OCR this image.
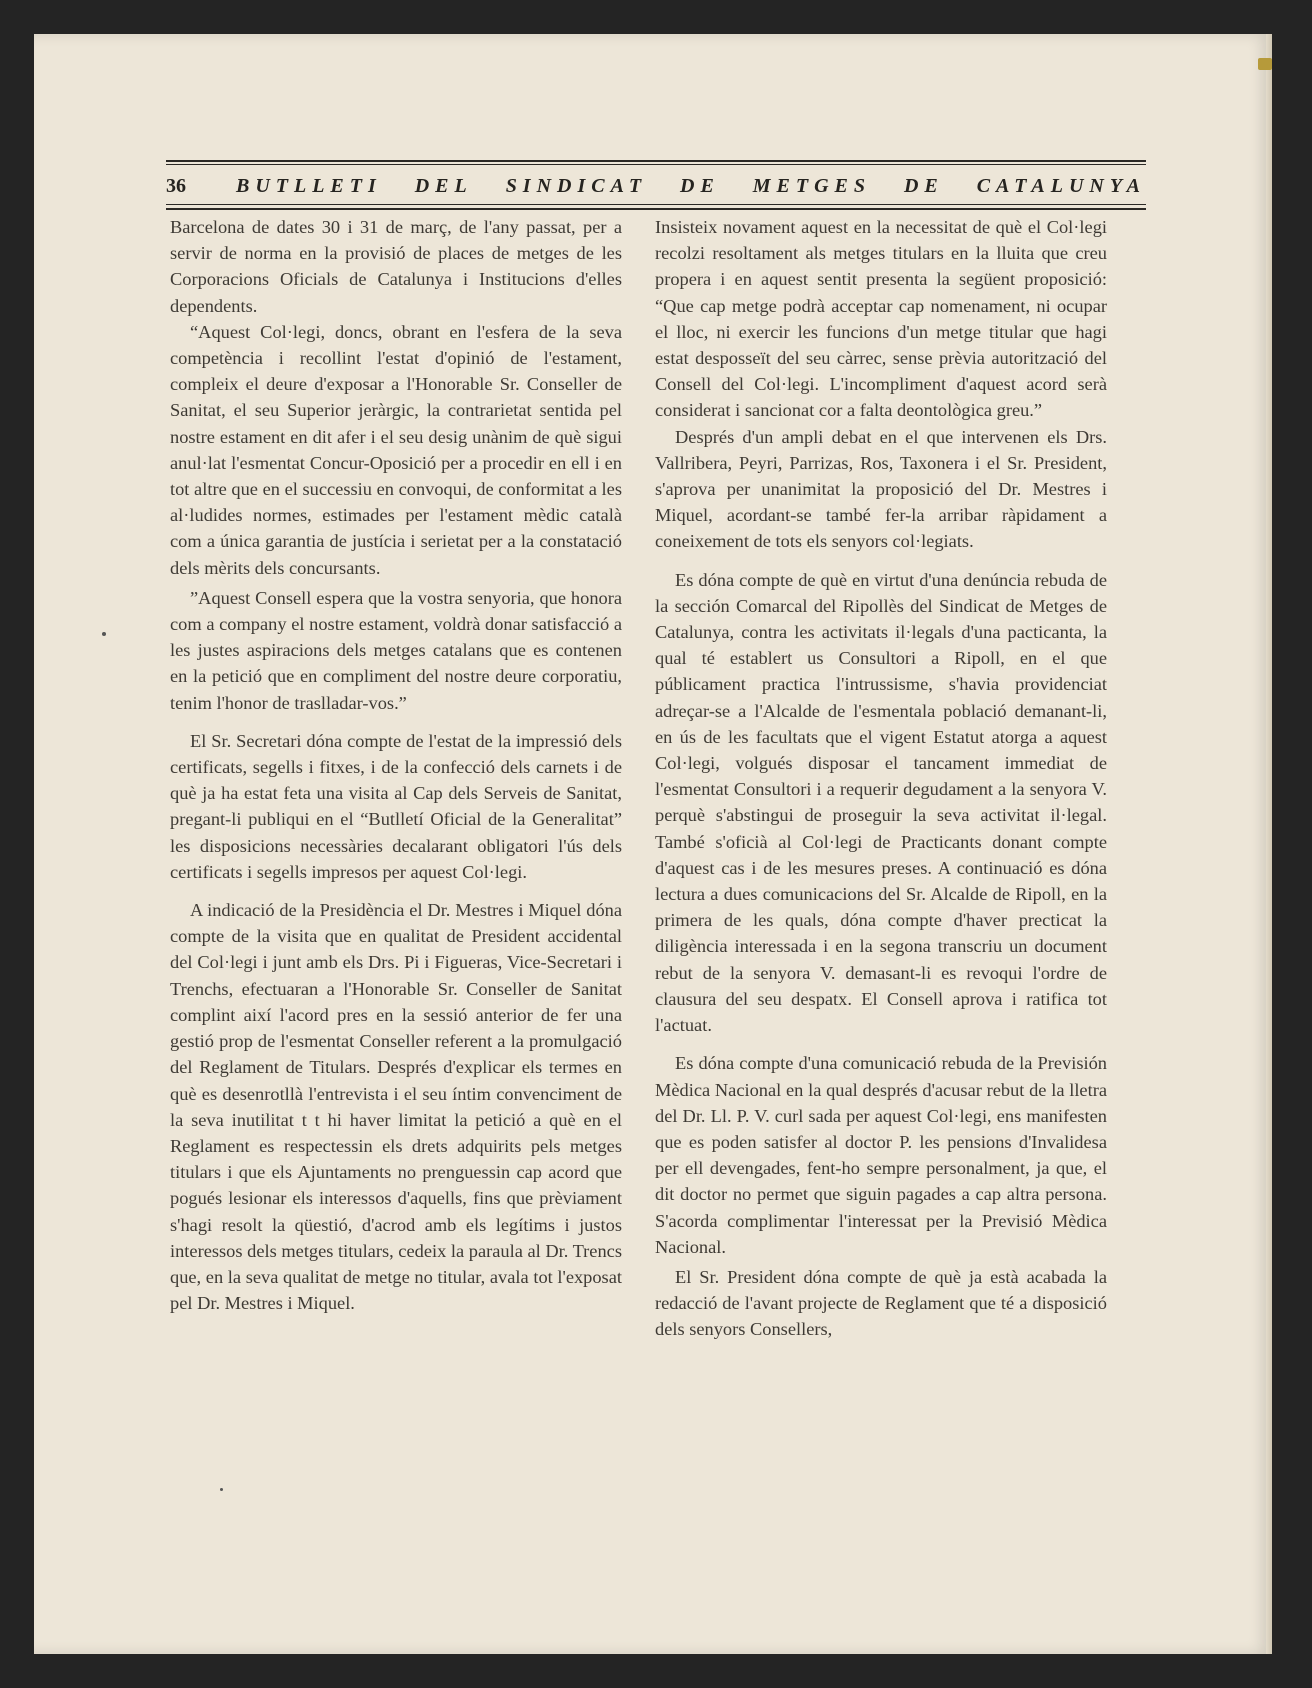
36	BUTLLETI DEL SINDICAT DE METGES DE CATALUNYA

Barcelona de dates 30 i 31 de març, de l'any passat, per a servir de norma en la provisió de places de metges de les Corporacions Oficials de Catalunya i Institucions d'elles dependents.

“Aquest Col·legi, doncs, obrant en l'esfera de la seva competència i recollint l'estat d'opinió de l'estament, compleix el deure d'exposar a l'Honorable Sr. Conseller de Sanitat, el seu Superior jeràrgic, la contrarietat sentida pel nostre estament en dit afer i el seu desig unànim de què sigui anul·lat l'esmentat Concur-Oposició per a procedir en ell i en tot altre que en el successiu en convoqui, de conformitat a les al·ludides normes, estimades per l'estament mèdic català com a única garantia de justícia i serietat per a la constatació dels mèrits dels concursants.

”Aquest Consell espera que la vostra senyoria, que honora com a company el nostre estament, voldrà donar satisfacció a les justes aspiracions dels metges catalans que es contenen en la petició que en compliment del nostre deure corporatiu, tenim l'honor de traslladar-vos.”

El Sr. Secretari dóna compte de l'estat de la impressió dels certificats, segells i fitxes, i de la confecció dels carnets i de què ja ha estat feta una visita al Cap dels Serveis de Sanitat, pregant-li publiqui en el “Butlletí Oficial de la Generalitat” les disposicions necessàries decalarant obligatori l'ús dels certificats i segells impresos per aquest Col·legi.

A indicació de la Presidència el Dr. Mestres i Miquel dóna compte de la visita que en qualitat de President accidental del Col·legi i junt amb els Drs. Pi i Figueras, Vice-Secretari i Trenchs, efectuaran a l'Honorable Sr. Conseller de Sanitat complint així l'acord pres en la sessió anterior de fer una gestió prop de l'esmentat Conseller referent a la promulgació del Reglament de Titulars. Després d'explicar els termes en què es desenrotllà l'entrevista i el seu íntim convenciment de la seva inutilitat t t hi haver limitat la petició a què en el Reglament es respectessin els drets adquirits pels metges titulars i que els Ajuntaments no prenguessin cap acord que pogués lesionar els interessos d'aquells, fins que prèviament s'hagi resolt la qüestió, d'acrod amb els legítims i justos interessos dels metges titulars, cedeix la paraula al Dr. Trencs que, en la seva qualitat de metge no titular, avala tot l'exposat pel Dr. Mestres i Miquel.

Insisteix novament aquest en la necessitat de què el Col·legi recolzi resoltament als metges titulars en la lluita que creu propera i en aquest sentit presenta la següent proposició: “Que cap metge podrà acceptar cap nomenament, ni ocupar el lloc, ni exercir les funcions d'un metge titular que hagi estat desposseït del seu càrrec, sense prèvia autorització del Consell del Col·legi. L'incompliment d'aquest acord serà considerat i sancionat cor a falta deontològica greu.”

Després d'un ampli debat en el que intervenen els Drs. Vallribera, Peyri, Parrizas, Ros, Taxonera i el Sr. President, s'aprova per unanimitat la proposició del Dr. Mestres i Miquel, acordant-se també fer-la arribar ràpidament a coneixement de tots els senyors col·legiats.

Es dóna compte de què en virtut d'una denúncia rebuda de la sección Comarcal del Ripollès del Sindicat de Metges de Catalunya, contra les activitats il·legals d'una pacticanta, la qual té establert us Consultori a Ripoll, en el que públicament practica l'intrussisme, s'havia providenciat adreçar-se a l'Alcalde de l'esmentala població demanant-li, en ús de les facultats que el vigent Estatut atorga a aquest Col·legi, volgués disposar el tancament immediat de l'esmentat Consultori i a requerir degudament a la senyora V. perquè s'abstingui de proseguir la seva activitat il·legal. També s'oficià al Col·legi de Practicants donant compte d'aquest cas i de les mesures preses. A continuació es dóna lectura a dues comunicacions del Sr. Alcalde de Ripoll, en la primera de les quals, dóna compte d'haver precticat la diligència interessada i en la segona transcriu un document rebut de la senyora V. demasant-li es revoqui l'ordre de clausura del seu despatx. El Consell aprova i ratifica tot l'actuat.

Es dóna compte d'una comunicació rebuda de la Previsión Mèdica Nacional en la qual després d'acusar rebut de la lletra del Dr. Ll. P. V. curl sada per aquest Col·legi, ens manifesten que es poden satisfer al doctor P. les pensions d'Invalidesa per ell devengades, fent-ho sempre personalment, ja que, el dit doctor no permet que siguin pagades a cap altra persona. S'acorda complimentar l'interessat per la Previsió Mèdica Nacional.

El Sr. President dóna compte de què ja està acabada la redacció de l'avant projecte de Reglament que té a disposició dels senyors Consellers,
